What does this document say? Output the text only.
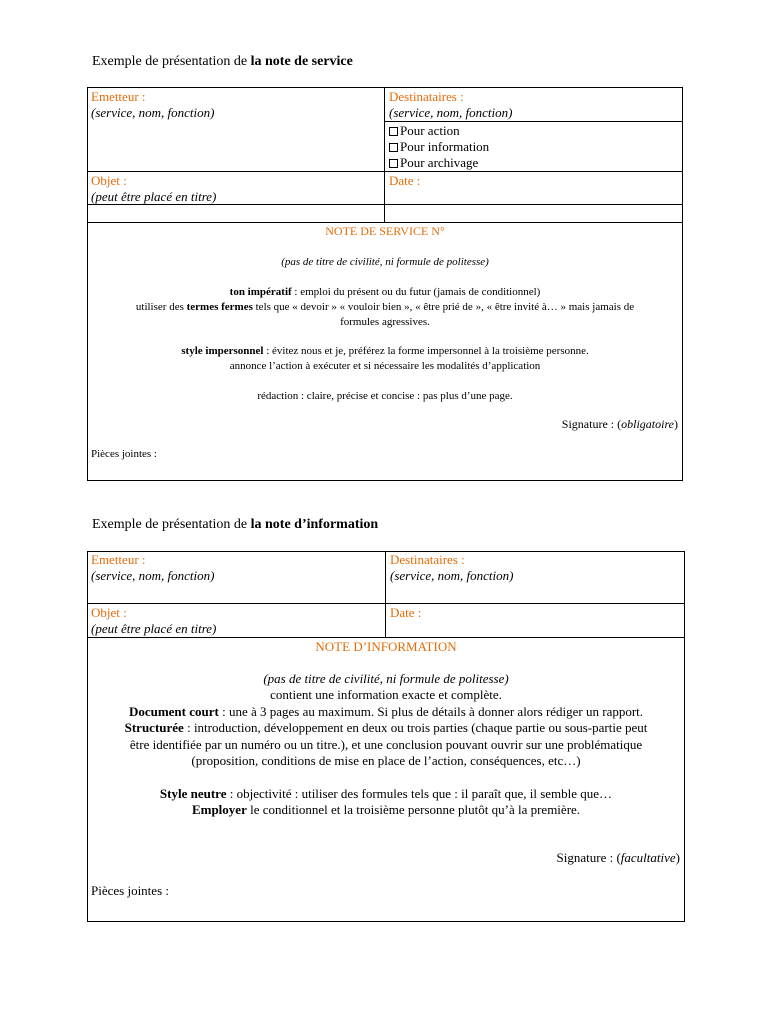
Exemple de présentation de la note de service
Emetteur :
(service, nom, fonction)
Destinataires :
(service, nom, fonction)
Pour action
Pour information
Pour archivage
Objet :
(peut être placé en titre)
Date :
NOTE DE SERVICE N°
(pas de titre de civilité, ni formule de politesse)
ton impératif : emploi du présent ou du futur (jamais de conditionnel)
utiliser des termes fermes tels que « devoir » « vouloir bien », « être prié de », « être invité à… » mais jamais de
formules agressives.
style impersonnel : évitez nous et je, préférez la forme impersonnel à la troisième personne.
annonce l’action à exécuter et si nécessaire les modalités d’application
rédaction : claire, précise et concise : pas plus d’une page.
Signature : (obligatoire)
Pièces jointes :
Exemple de présentation de la note d’information
Emetteur :
(service, nom, fonction)
Destinataires :
(service, nom, fonction)
Objet :
(peut être placé en titre)
Date :
NOTE D’INFORMATION
(pas de titre de civilité, ni formule de politesse)
contient une information exacte et complète.
Document court : une à 3 pages au maximum. Si plus de détails à donner alors rédiger un rapport.
Structurée : introduction, développement en deux ou trois parties (chaque partie ou sous-partie peut
être identifiée par un numéro ou un titre.), et une conclusion pouvant ouvrir sur une problématique
(proposition, conditions de mise en place de l’action, conséquences, etc…)
Style neutre : objectivité : utiliser des formules tels que : il paraît que, il semble que…
Employer le conditionnel et la troisième personne plutôt qu’à la première.
Signature : (facultative)
Pièces jointes :
